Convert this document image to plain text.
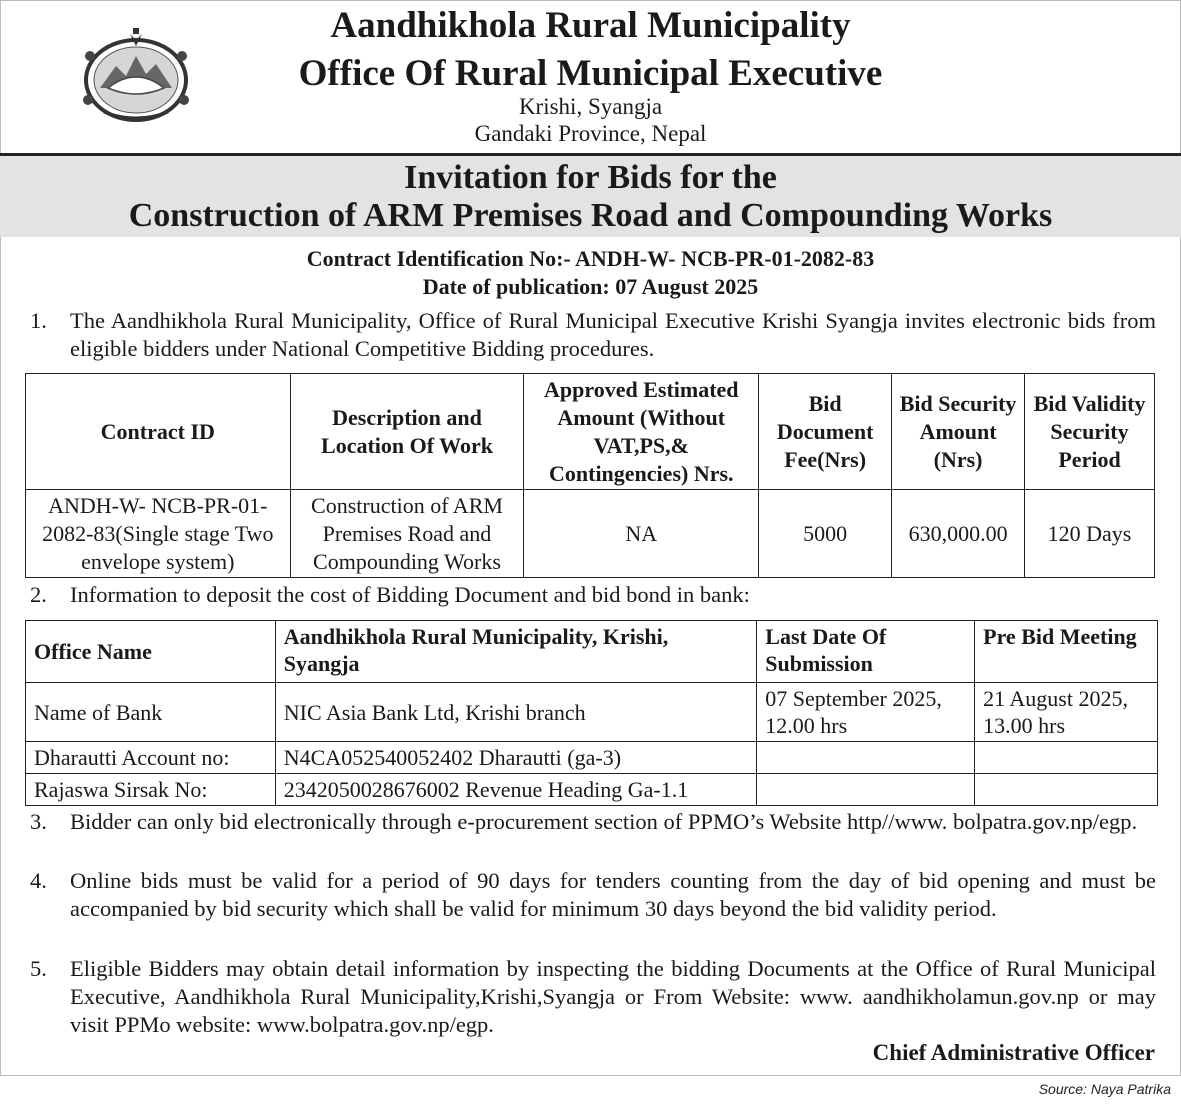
Aandhikhola Rural Municipality
Office Of Rural Municipal Executive
Krishi, Syangja
Gandaki Province, Nepal
Invitation for Bids for the
Construction of ARM Premises Road and Compounding Works
Contract Identification No:- ANDH-W- NCB-PR-01-2082-83
Date of publication: 07 August 2025
1.	The Aandhikhola Rural Municipality, Office of Rural Municipal Executive Krishi Syangja invites electronic bids from eligible bidders under National Competitive Bidding procedures.
Contract ID	Description and Location Of Work	Approved Estimated Amount (Without VAT,PS,& Contingencies) Nrs.	Bid Document Fee(Nrs)	Bid Security Amount (Nrs)	Bid Validity Security Period
ANDH-W- NCB-PR-01-2082-83(Single stage Two envelope system)	Construction of ARM Premises Road and Compounding Works	NA	5000	630,000.00	120 Days
2.	Information to deposit the cost of Bidding Document and bid bond in bank:
Office Name	Aandhikhola Rural Municipality, Krishi, Syangja	Last Date Of Submission	Pre Bid Meeting
Name of Bank	NIC Asia Bank Ltd, Krishi branch	07 September 2025, 12.00 hrs	21 August 2025, 13.00 hrs
Dharautti Account no:	N4CA052540052402 Dharautti (ga-3)		
Rajaswa Sirsak No:	2342050028676002 Revenue Heading Ga-1.1		
3.	Bidder can only bid electronically through e-procurement section of PPMO’s Website http//www. bolpatra.gov.np/egp.
4.	Online bids must be valid for a period of 90 days for tenders counting from the day of bid opening and must be accompanied by bid security which shall be valid for minimum 30 days beyond the bid validity period.
5.	Eligible Bidders may obtain detail information by inspecting the bidding Documents at the Office of Rural Municipal Executive, Aandhikhola Rural Municipality,Krishi,Syangja or From Website: www. aandhikholamun.gov.np or may visit PPMo website: www.bolpatra.gov.np/egp.
Chief Administrative Officer
Source: Naya Patrika
